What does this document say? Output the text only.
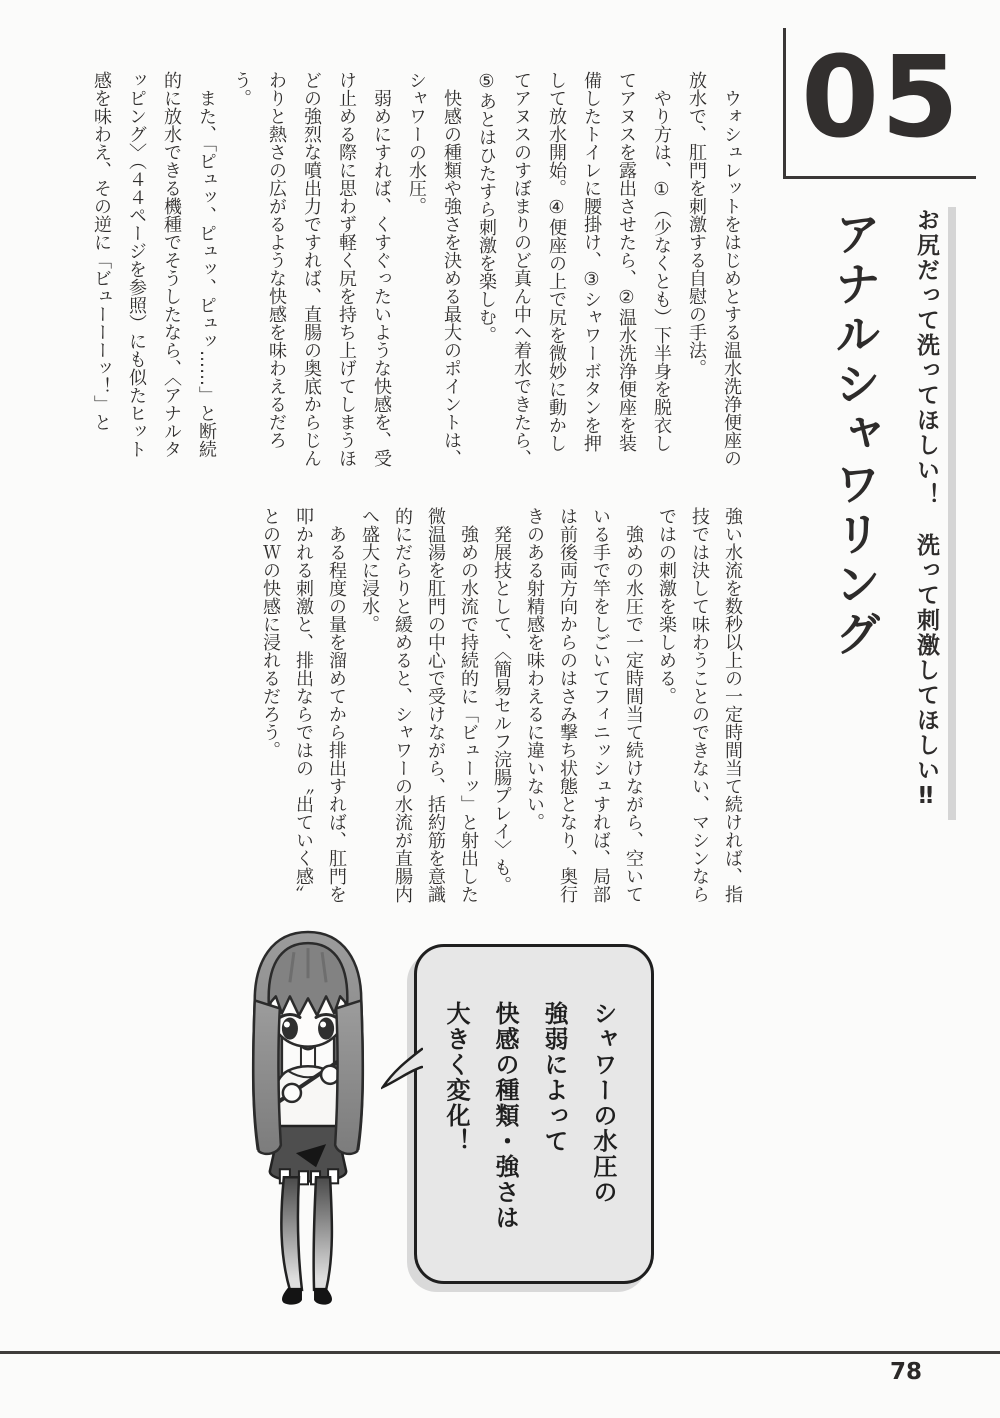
05
アナルシャワリング お尻だって洗ってほしい！　洗って刺激してほしい‼

ウォシュレットをはじめとする温水洗浄便座の放水で、肛門を刺激する自慰の手法。

やり方は、①（少なくとも）下半身を脱衣してアヌスを露出させたら、②温水洗浄便座を装備したトイレに腰掛け、③シャワーボタンを押して放水開始。④便座の上で尻を微妙に動かしてアヌスのすぼまりのど真ん中へ着水できたら、⑤あとはひたすら刺激を楽しむ。

快感の種類や強さを決める最大のポイントは、シャワーの水圧。

弱めにすれば、くすぐったいような快感を、受け止める際に思わず軽く尻を持ち上げてしまうほどの強烈な噴出力ですれば、直腸の奥底からじんわりと熱さの広がるような快感を味わえるだろう。

また、「ピュッ、ピュッ、ピュッ……」と断続的に放水できる機種でそうしたなら、〈アナルタッピング〉（４４ページを参照）にも似たヒット感を味わえ、その逆に「ビューーーッ！」と

強い水流を数秒以上の一定時間当て続ければ、指技では決して味わうことのできない、マシンならではの刺激を楽しめる。

強めの水圧で一定時間当て続けながら、空いている手で竿をしごいてフィニッシュすれば、局部は前後両方向からのはさみ撃ち状態となり、奥行きのある射精感を味わえるに違いない。

発展技として、〈簡易セルフ浣腸プレイ〉も。

強めの水流で持続的に「ビューッ」と射出した微温湯を肛門の中心で受けながら、括約筋を意識的にだらりと緩めると、シャワーの水流が直腸内へ盛大に浸水。

ある程度の量を溜めてから排出すれば、肛門を叩かれる刺激と、排出ならではの〝出ていく感〟とのＷの快感に浸れるだろう。

シャワーの水圧の

強弱によって

快感の種類・強さは

大きく変化！

78
